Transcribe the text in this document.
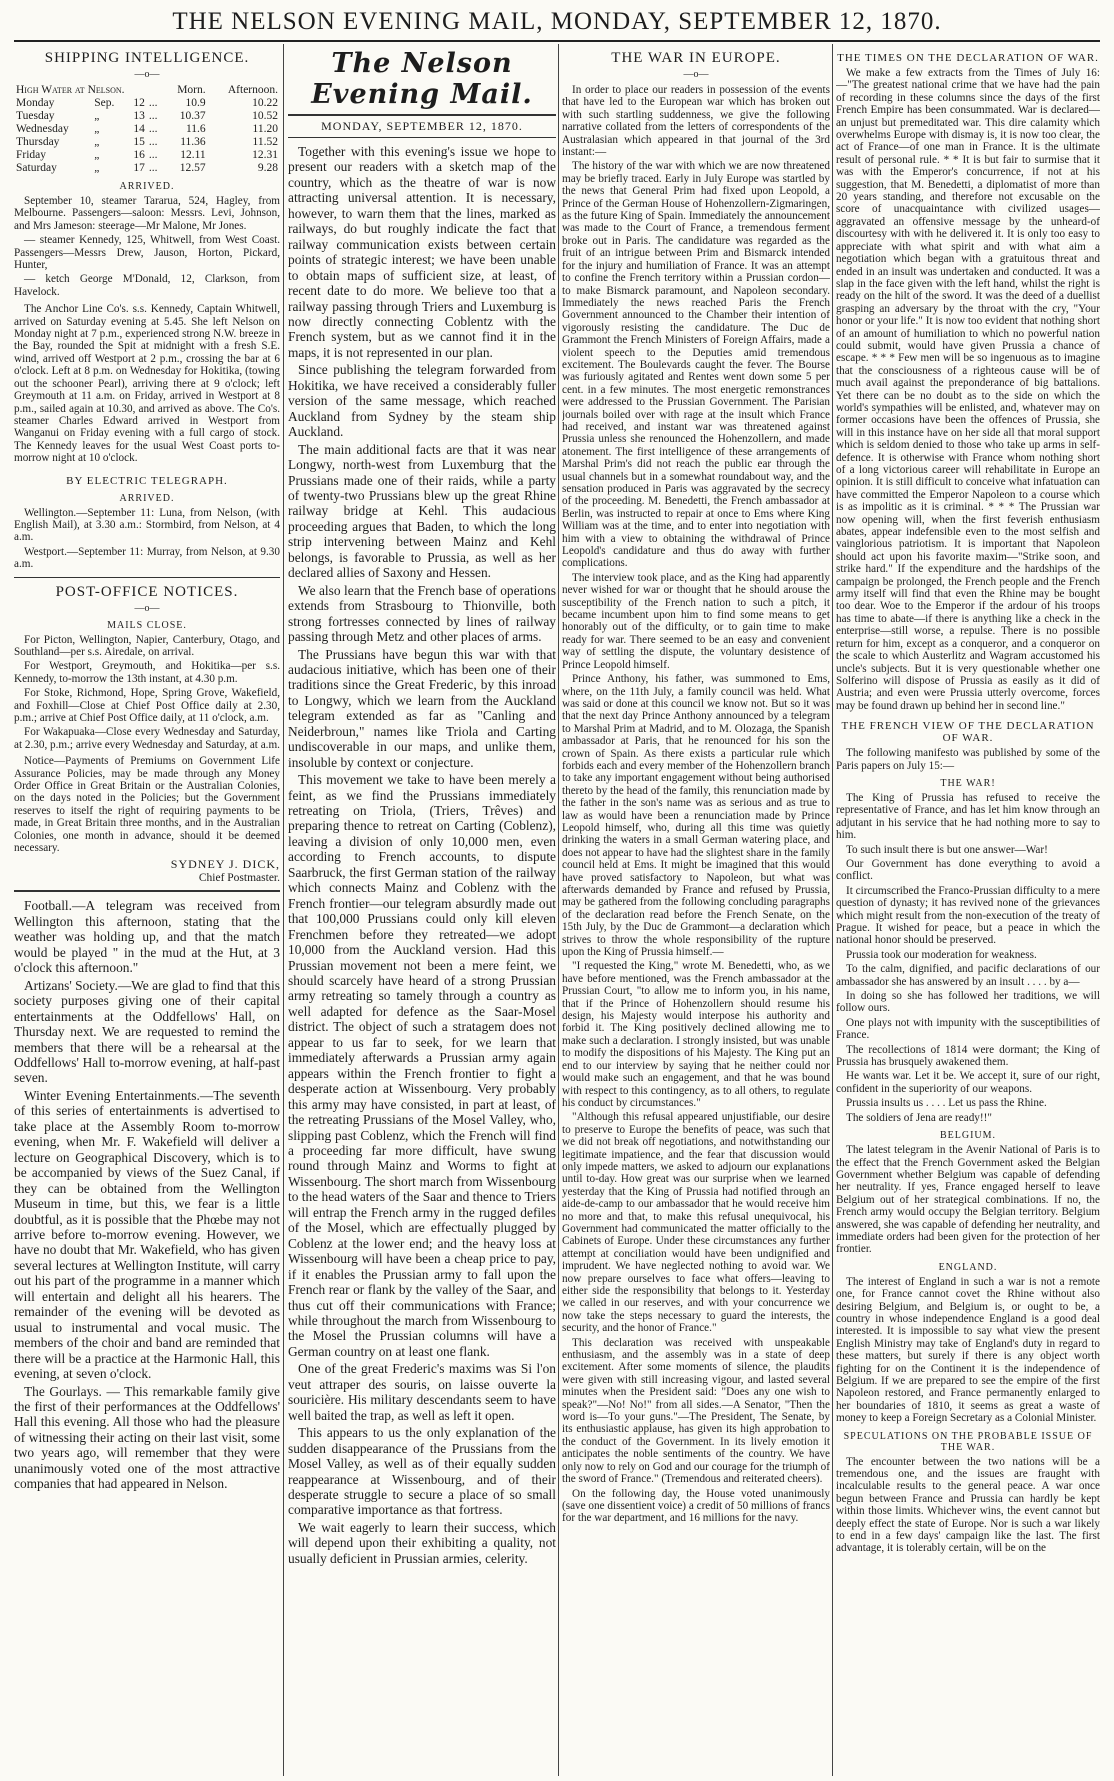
THE NELSON EVENING MAIL, MONDAY, SEPTEMBER 12, 1870.
SHIPPING INTELLIGENCE.
—o—
High Water at Nelson.				Morn.	Afternoon.
Monday	Sep.	12	...	10.9	10.22
Tuesday	„	13	...	10.37	10.52
Wednesday	„	14	...	11.6	11.20
Thursday	„	15	...	11.36	11.52
Friday	„	16	...	12.11	12.31
Saturday	„	17	...	12.57	9.28
ARRIVED.

September 10, steamer Tararua, 524, Hagley, from Melbourne. Passengers—saloon: Messrs. Levi, Johnson, and Mrs Jameson: steerage—Mr Malone, Mr Jones.

— steamer Kennedy, 125, Whitwell, from West Coast. Passengers—Messrs Drew, Jauson, Horton, Pickard, Hunter,

— ketch George M'Donald, 12, Clarkson, from Havelock.

The Anchor Line Co's. s.s. Kennedy, Captain Whitwell, arrived on Saturday evening at 5.45. She left Nelson on Monday night at 7 p.m., experienced strong N.W. breeze in the Bay, rounded the Spit at midnight with a fresh S.E. wind, arrived off Westport at 2 p.m., crossing the bar at 6 o'clock. Left at 8 p.m. on Wednesday for Hokitika, (towing out the schooner Pearl), arriving there at 9 o'clock; left Greymouth at 11 a.m. on Friday, arrived in Westport at 8 p.m., sailed again at 10.30, and arrived as above. The Co's. steamer Charles Edward arrived in Westport from Wanganui on Friday evening with a full cargo of stock. The Kennedy leaves for the usual West Coast ports to-morrow night at 10 o'clock.

BY ELECTRIC TELEGRAPH.
ARRIVED.

Wellington.—September 11: Luna, from Nelson, (with English Mail), at 3.30 a.m.: Stormbird, from Nelson, at 4 a.m.

Westport.—September 11: Murray, from Nelson, at 9.30 a.m.

POST-OFFICE NOTICES.
—o—
MAILS CLOSE.

For Picton, Wellington, Napier, Canterbury, Otago, and Southland—per s.s. Airedale, on arrival.

For Westport, Greymouth, and Hokitika—per s.s. Kennedy, to-morrow the 13th instant, at 4.30 p.m.

For Stoke, Richmond, Hope, Spring Grove, Wakefield, and Foxhill—Close at Chief Post Office daily at 2.30, p.m.; arrive at Chief Post Office daily, at 11 o'clock, a.m.

For Wakapuaka—Close every Wednesday and Saturday, at 2.30, p.m.; arrive every Wednesday and Saturday, at a.m.

Notice—Payments of Premiums on Government Life Assurance Policies, may be made through any Money Order Office in Great Britain or the Australian Colonies, on the days noted in the Policies; but the Government reserves to itself the right of requiring payments to be made, in Great Britain three months, and in the Australian Colonies, one month in advance, should it be deemed necessary.

SYDNEY J. DICK,
Chief Postmaster.

Football.—A telegram was received from Wellington this afternoon, stating that the weather was holding up, and that the match would be played " in the mud at the Hut, at 3 o'clock this afternoon."

Artizans' Society.—We are glad to find that this society purposes giving one of their capital entertainments at the Oddfellows' Hall, on Thursday next. We are requested to remind the members that there will be a rehearsal at the Oddfellows' Hall to-morrow evening, at half-past seven.

Winter Evening Entertainments.—The seventh of this series of entertainments is advertised to take place at the Assembly Room to-morrow evening, when Mr. F. Wakefield will deliver a lecture on Geographical Discovery, which is to be accompanied by views of the Suez Canal, if they can be obtained from the Wellington Museum in time, but this, we fear is a little doubtful, as it is possible that the Phœbe may not arrive before to-morrow evening. However, we have no doubt that Mr. Wakefield, who has given several lectures at Wellington Institute, will carry out his part of the programme in a manner which will entertain and delight all his hearers. The remainder of the evening will be devoted as usual to instrumental and vocal music. The members of the choir and band are reminded that there will be a practice at the Harmonic Hall, this evening, at seven o'clock.

The Gourlays. — This remarkable family give the first of their performances at the Oddfellows' Hall this evening. All those who had the pleasure of witnessing their acting on their last visit, some two years ago, will remember that they were unanimously voted one of the most attractive companies that had appeared in Nelson.

The Nelson Evening Mail.
MONDAY, SEPTEMBER 12, 1870.

Together with this evening's issue we hope to present our readers with a sketch map of the country, which as the theatre of war is now attracting universal attention. It is necessary, however, to warn them that the lines, marked as railways, do but roughly indicate the fact that railway communication exists between certain points of strategic interest; we have been unable to obtain maps of sufficient size, at least, of recent date to do more. We believe too that a railway passing through Triers and Luxemburg is now directly connecting Coblentz with the French system, but as we cannot find it in the maps, it is not represented in our plan.

Since publishing the telegram forwarded from Hokitika, we have received a considerably fuller version of the same message, which reached Auckland from Sydney by the steam ship Auckland.

The main additional facts are that it was near Longwy, north-west from Luxemburg that the Prussians made one of their raids, while a party of twenty-two Prussians blew up the great Rhine railway bridge at Kehl. This audacious proceeding argues that Baden, to which the long strip intervening between Mainz and Kehl belongs, is favorable to Prussia, as well as her declared allies of Saxony and Hessen.

We also learn that the French base of operations extends from Strasbourg to Thionville, both strong fortresses connected by lines of railway passing through Metz and other places of arms.

The Prussians have begun this war with that audacious initiative, which has been one of their traditions since the Great Frederic, by this inroad to Longwy, which we learn from the Auckland telegram extended as far as "Canling and Neiderbroun," names like Triola and Carting undiscoverable in our maps, and unlike them, insoluble by context or conjecture.

This movement we take to have been merely a feint, as we find the Prussians immediately retreating on Triola, (Triers, Trêves) and preparing thence to retreat on Carting (Coblenz), leaving a division of only 10,000 men, even according to French accounts, to dispute Saarbruck, the first German station of the railway which connects Mainz and Coblenz with the French frontier—our telegram absurdly made out that 100,000 Prussians could only kill eleven Frenchmen before they retreated—we adopt 10,000 from the Auckland version. Had this Prussian movement not been a mere feint, we should scarcely have heard of a strong Prussian army retreating so tamely through a country as well adapted for defence as the Saar-Mosel district. The object of such a stratagem does not appear to us far to seek, for we learn that immediately afterwards a Prussian army again appears within the French frontier to fight a desperate action at Wissenbourg. Very probably this army may have consisted, in part at least, of the retreating Prussians of the Mosel Valley, who, slipping past Coblenz, which the French will find a proceeding far more difficult, have swung round through Mainz and Worms to fight at Wissenbourg. The short march from Wissenbourg to the head waters of the Saar and thence to Triers will entrap the French army in the rugged defiles of the Mosel, which are effectually plugged by Coblenz at the lower end; and the heavy loss at Wissenbourg will have been a cheap price to pay, if it enables the Prussian army to fall upon the French rear or flank by the valley of the Saar, and thus cut off their communications with France; while throughout the march from Wissenbourg to the Mosel the Prussian columns will have a German country on at least one flank.

One of the great Frederic's maxims was Si l'on veut attraper des souris, on laisse ouverte la souricière. His military descendants seem to have well baited the trap, as well as left it open.

This appears to us the only explanation of the sudden disappearance of the Prussians from the Mosel Valley, as well as of their equally sudden reappearance at Wissenbourg, and of their desperate struggle to secure a place of so small comparative importance as that fortress.

We wait eagerly to learn their success, which will depend upon their exhibiting a quality, not usually deficient in Prussian armies, celerity.

THE WAR IN EUROPE.
—o—

In order to place our readers in possession of the events that have led to the European war which has broken out with such startling suddenness, we give the following narrative collated from the letters of correspondents of the Australasian which appeared in that journal of the 3rd instant:—

The history of the war with which we are now threatened may be briefly traced. Early in July Europe was startled by the news that General Prim had fixed upon Leopold, a Prince of the German House of Hohenzollern-Zigmaringen, as the future King of Spain. Immediately the announcement was made to the Court of France, a tremendous ferment broke out in Paris. The candidature was regarded as the fruit of an intrigue between Prim and Bismarck intended for the injury and humiliation of France. It was an attempt to confine the French territory within a Prussian cordon—to make Bismarck paramount, and Napoleon secondary. Immediately the news reached Paris the French Government announced to the Chamber their intention of vigorously resisting the candidature. The Duc de Grammont the French Ministers of Foreign Affairs, made a violent speech to the Deputies amid tremendous excitement. The Boulevards caught the fever. The Bourse was furiously agitated and Rentes went down some 5 per cent. in a few minutes. The most energetic remonstrances were addressed to the Prussian Government. The Parisian journals boiled over with rage at the insult which France had received, and instant war was threatened against Prussia unless she renounced the Hohenzollern, and made atonement. The first intelligence of these arrangements of Marshal Prim's did not reach the public ear through the usual channels but in a somewhat roundabout way, and the sensation produced in Paris was aggravated by the secrecy of the proceeding. M. Benedetti, the French ambassador at Berlin, was instructed to repair at once to Ems where King William was at the time, and to enter into negotiation with him with a view to obtaining the withdrawal of Prince Leopold's candidature and thus do away with further complications.

The interview took place, and as the King had apparently never wished for war or thought that he should arouse the susceptibility of the French nation to such a pitch, it became incumbent upon him to find some means to get honorably out of the difficulty, or to gain time to make ready for war. There seemed to be an easy and convenient way of settling the dispute, the voluntary desistence of Prince Leopold himself.

Prince Anthony, his father, was summoned to Ems, where, on the 11th July, a family council was held. What was said or done at this council we know not. But so it was that the next day Prince Anthony announced by a telegram to Marshal Prim at Madrid, and to M. Olozaga, the Spanish ambassador at Paris, that he renounced for his son the crown of Spain. As there exists a particular rule which forbids each and every member of the Hohenzollern branch to take any important engagement without being authorised thereto by the head of the family, this renunciation made by the father in the son's name was as serious and as true to law as would have been a renunciation made by Prince Leopold himself, who, during all this time was quietly drinking the waters in a small German watering place, and does not appear to have had the slightest share in the family council held at Ems. It might be imagined that this would have proved satisfactory to Napoleon, but what was afterwards demanded by France and refused by Prussia, may be gathered from the following concluding paragraphs of the declaration read before the French Senate, on the 15th July, by the Duc de Grammont—a declaration which strives to throw the whole responsibility of the rupture upon the King of Prussia himself.—

"I requested the King," wrote M. Benedetti, who, as we have before mentioned, was the French ambassador at the Prussian Court, "to allow me to inform you, in his name, that if the Prince of Hohenzollern should resume his design, his Majesty would interpose his authority and forbid it. The King positively declined allowing me to make such a declaration. I strongly insisted, but was unable to modify the dispositions of his Majesty. The King put an end to our interview by saying that he neither could nor would make such an engagement, and that he was bound with respect to this contingency, as to all others, to regulate his conduct by circumstances."

"Although this refusal appeared unjustifiable, our desire to preserve to Europe the benefits of peace, was such that we did not break off negotiations, and notwithstanding our legitimate impatience, and the fear that discussion would only impede matters, we asked to adjourn our explanations until to-day. How great was our surprise when we learned yesterday that the King of Prussia had notified through an aide-de-camp to our ambassador that he would receive him no more and that, to make this refusal unequivocal, his Government had communicated the matter officially to the Cabinets of Europe. Under these circumstances any further attempt at conciliation would have been undignified and imprudent. We have neglected nothing to avoid war. We now prepare ourselves to face what offers—leaving to either side the responsibility that belongs to it. Yesterday we called in our reserves, and with your concurrence we now take the steps necessary to guard the interests, the security, and the honor of France."

This declaration was received with unspeakable enthusiasm, and the assembly was in a state of deep excitement. After some moments of silence, the plaudits were given with still increasing vigour, and lasted several minutes when the President said: "Does any one wish to speak?"—No! No!" from all sides.—A Senator, "Then the word is—To your guns."—The President, The Senate, by its enthusiastic applause, has given its high approbation to the conduct of the Government. In its lively emotion it anticipates the noble sentiments of the country. We have only now to rely on God and our courage for the triumph of the sword of France." (Tremendous and reiterated cheers).

On the following day, the House voted unanimously (save one dissentient voice) a credit of 50 millions of francs for the war department, and 16 millions for the navy.

THE TIMES ON THE DECLARATION OF WAR.

We make a few extracts from the Times of July 16:—"The greatest national crime that we have had the pain of recording in these columns since the days of the first French Empire has been consummated. War is declared—an unjust but premeditated war. This dire calamity which overwhelms Europe with dismay is, it is now too clear, the act of France—of one man in France. It is the ultimate result of personal rule. * * It is but fair to surmise that it was with the Emperor's concurrence, if not at his suggestion, that M. Benedetti, a diplomatist of more than 20 years standing, and therefore not excusable on the score of unacquaintance with civilized usages—aggravated an offensive message by the unheard-of discourtesy with with he delivered it. It is only too easy to appreciate with what spirit and with what aim a negotiation which began with a gratuitous threat and ended in an insult was undertaken and conducted. It was a slap in the face given with the left hand, whilst the right is ready on the hilt of the sword. It was the deed of a duellist grasping an adversary by the throat with the cry, "Your honor or your life." It is now too evident that nothing short of an amount of humiliation to which no powerful nation could submit, would have given Prussia a chance of escape. * * * Few men will be so ingenuous as to imagine that the consciousness of a righteous cause will be of much avail against the preponderance of big battalions. Yet there can be no doubt as to the side on which the world's sympathies will be enlisted, and, whatever may on former occasions have been the offences of Prussia, she will in this instance have on her side all that moral support which is seldom denied to those who take up arms in self-defence. It is otherwise with France whom nothing short of a long victorious career will rehabilitate in Europe an opinion. It is still difficult to conceive what infatuation can have committed the Emperor Napoleon to a course which is as impolitic as it is criminal. * * * The Prussian war now opening will, when the first feverish enthusiasm abates, appear indefensible even to the most selfish and vainglorious patriotism. It is important that Napoleon should act upon his favorite maxim—"Strike soon, and strike hard." If the expenditure and the hardships of the campaign be prolonged, the French people and the French army itself will find that even the Rhine may be bought too dear. Woe to the Emperor if the ardour of his troops has time to abate—if there is anything like a check in the enterprise—still worse, a repulse. There is no possible return for him, except as a conqueror, and a conqueror on the scale to which Austerlitz and Wagram accustomed his uncle's subjects. But it is very questionable whether one Solferino will dispose of Prussia as easily as it did of Austria; and even were Prussia utterly overcome, forces may be found drawn up behind her in second line."

THE FRENCH VIEW OF THE DECLARATION OF WAR.

The following manifesto was published by some of the Paris papers on July 15:—

THE WAR!

The King of Prussia has refused to receive the representative of France, and has let him know through an adjutant in his service that he had nothing more to say to him.

To such insult there is but one answer—War!

Our Government has done everything to avoid a conflict.

It circumscribed the Franco-Prussian difficulty to a mere question of dynasty; it has revived none of the grievances which might result from the non-execution of the treaty of Prague. It wished for peace, but a peace in which the national honor should be preserved.

Prussia took our moderation for weakness.

To the calm, dignified, and pacific declarations of our ambassador she has answered by an insult . . . . by a—

In doing so she has followed her traditions, we will follow ours.

One plays not with impunity with the susceptibilities of France.

The recollections of 1814 were dormant; the King of Prussia has brusquely awakened them.

He wants war. Let it be. We accept it, sure of our right, confident in the superiority of our weapons.

Prussia insults us . . . . Let us pass the Rhine.

The soldiers of Jena are ready!!"

BELGIUM.

The latest telegram in the Avenir National of Paris is to the effect that the French Government asked the Belgian Government whether Belgium was capable of defending her neutrality. If yes, France engaged herself to leave Belgium out of her strategical combinations. If no, the French army would occupy the Belgian territory. Belgium answered, she was capable of defending her neutrality, and immediate orders had been given for the protection of her frontier.

ENGLAND.

The interest of England in such a war is not a remote one, for France cannot covet the Rhine without also desiring Belgium, and Belgium is, or ought to be, a country in whose independence England is a good deal interested. It is impossible to say what view the present English Ministry may take of England's duty in regard to these matters, but surely if there is any object worth fighting for on the Continent it is the independence of Belgium. If we are prepared to see the empire of the first Napoleon restored, and France permanently enlarged to her boundaries of 1810, it seems as great a waste of money to keep a Foreign Secretary as a Colonial Minister.

SPECULATIONS ON THE PROBABLE ISSUE OF THE WAR.

The encounter between the two nations will be a tremendous one, and the issues are fraught with incalculable results to the general peace. A war once begun between France and Prussia can hardly be kept within those limits. Whichever wins, the event cannot but deeply effect the state of Europe. Nor is such a war likely to end in a few days' campaign like the last. The first advantage, it is tolerably certain, will be on the
